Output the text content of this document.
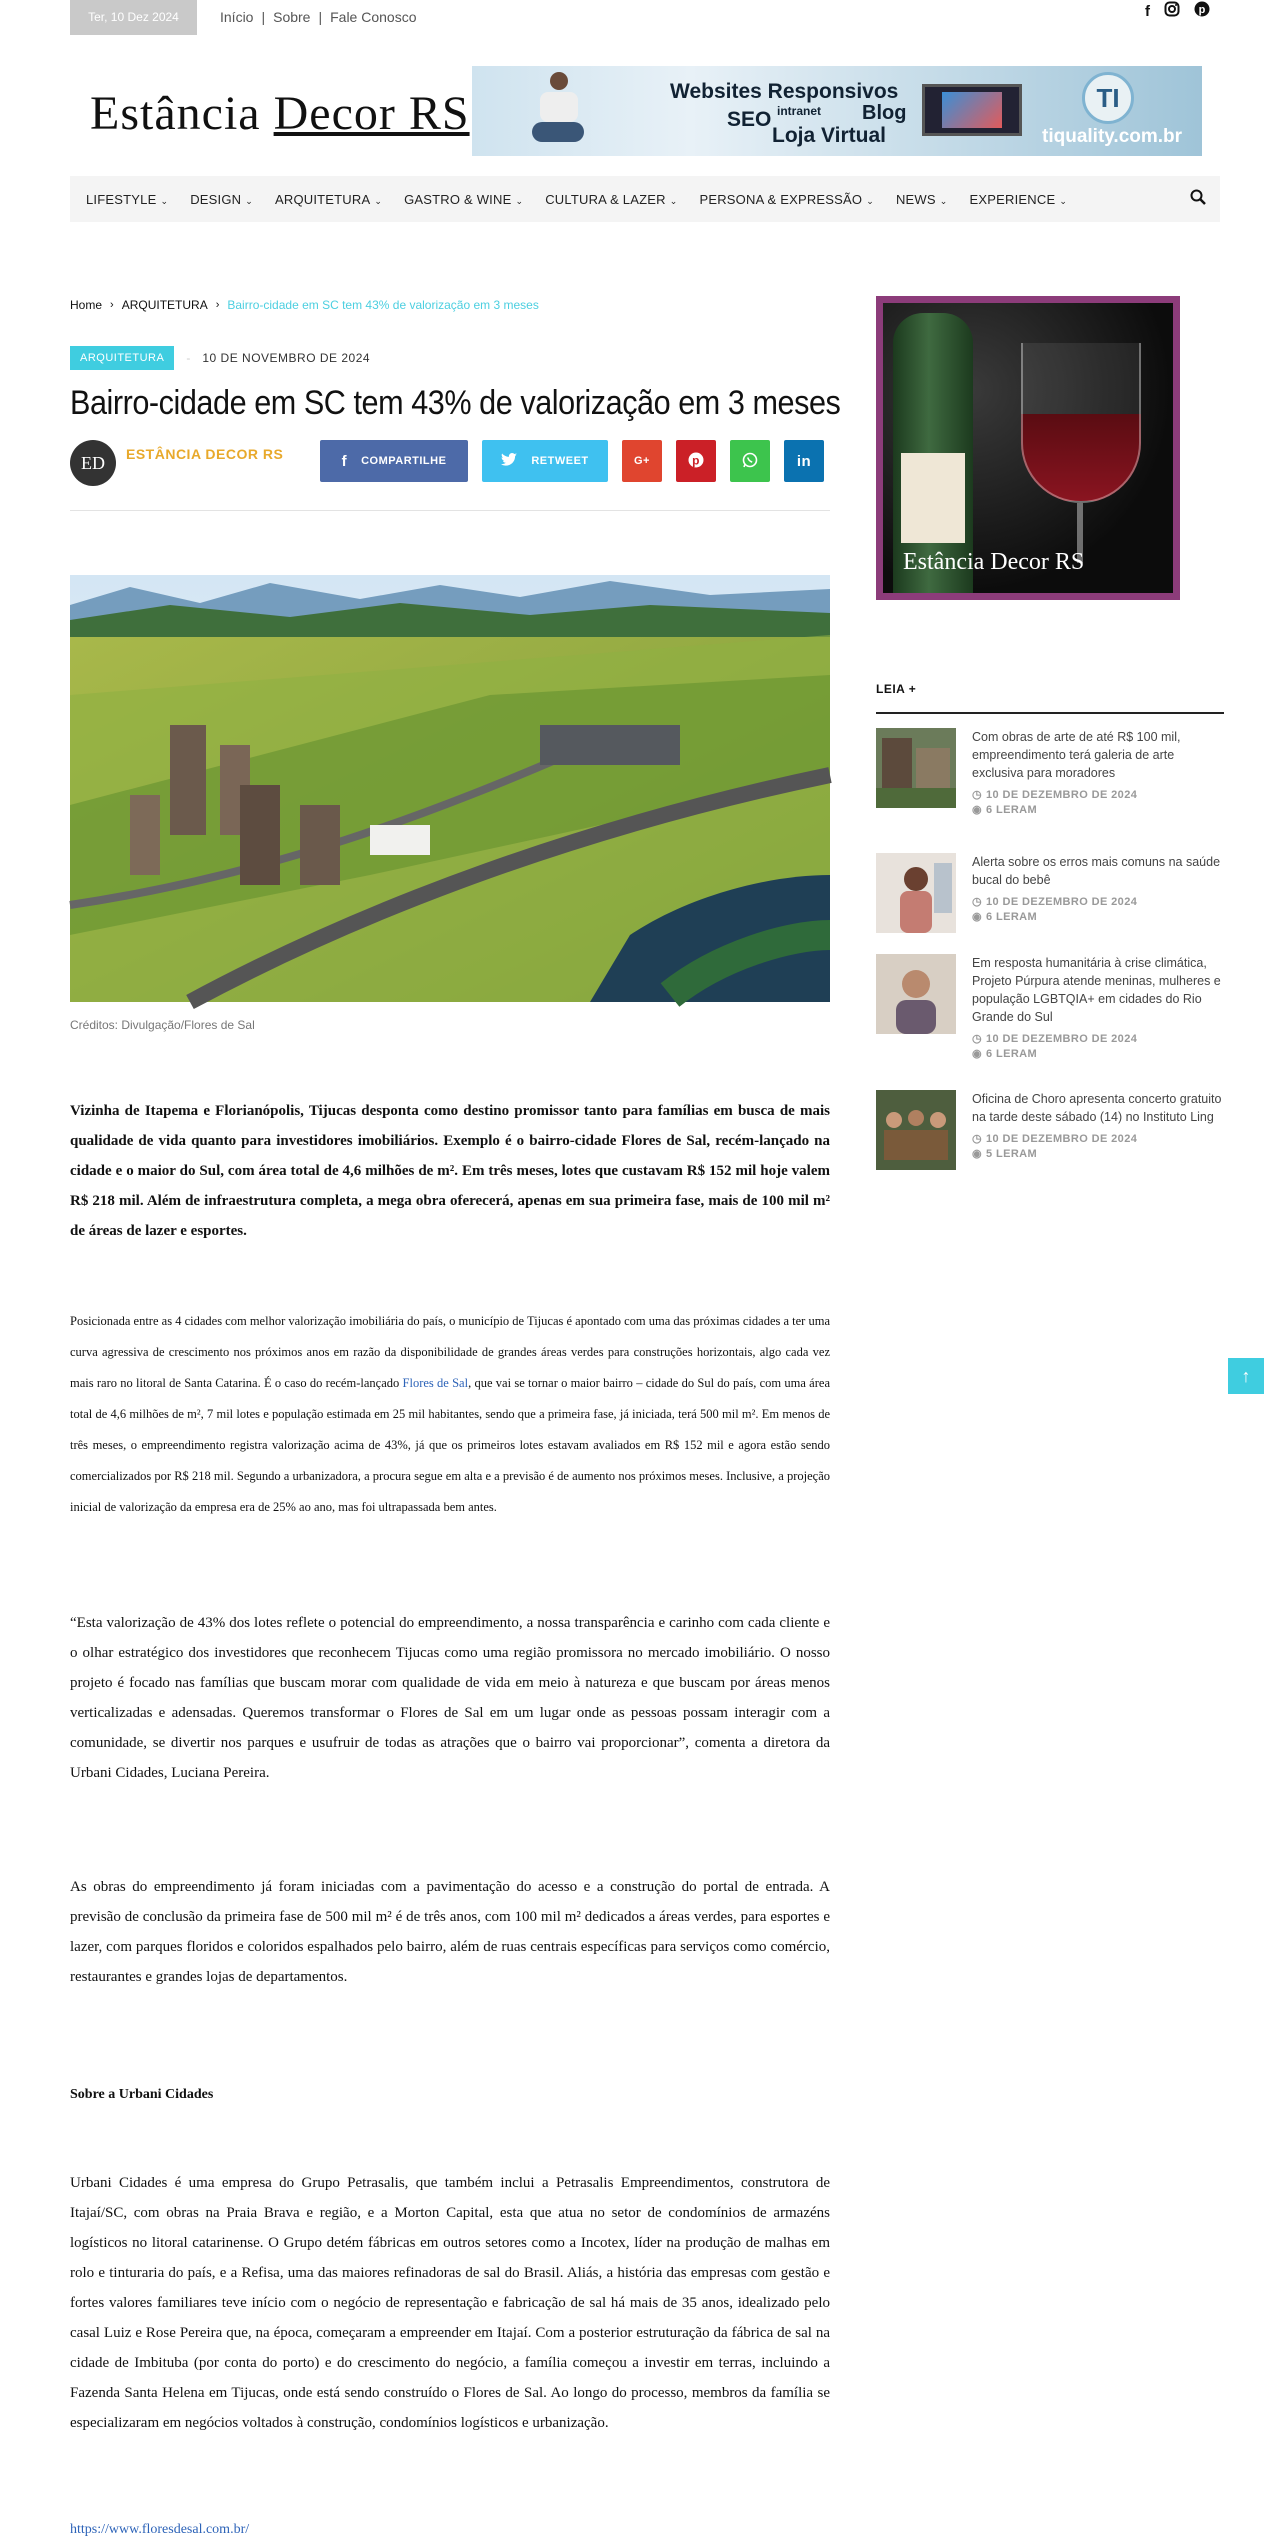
Ter, 10 Dez 2024	Início | Sobre | Fale Conosco	f	p
Estância Decor RS	Websites Responsivos
SEO intranet Blog
Loja Virtual
TI
tiquality.com.br
LIFESTYLE ⌄ DESIGN ⌄ ARQUITETURA ⌄ GASTRO & WINE ⌄ CULTURA & LAZER ⌄ PERSONA & EXPRESSÃO ⌄ NEWS ⌄ EXPERIENCE ⌄
Home › ARQUITETURA › Bairro-cidade em SC tem 43% de valorização em 3 meses
ARQUITETURA	- 10 DE NOVEMBRO DE 2024
Bairro-cidade em SC tem 43% de valorização em 3 meses
ED	ESTÂNCIA DECOR RS	f COMPARTILHE	RETWEET	G+	p	in
Créditos: Divulgação/Flores de Sal

Vizinha de Itapema e Florianópolis, Tijucas desponta como destino promissor tanto para famílias em busca de mais qualidade de vida quanto para investidores imobiliários. Exemplo é o bairro-cidade Flores de Sal, recém-lançado na cidade e o maior do Sul, com área total de 4,6 milhões de m². Em três meses, lotes que custavam R$ 152 mil hoje valem R$ 218 mil. Além de infraestrutura completa, a mega obra oferecerá, apenas em sua primeira fase, mais de 100 mil m² de áreas de lazer e esportes.

Posicionada entre as 4 cidades com melhor valorização imobiliária do país, o município de Tijucas é apontado com uma das próximas cidades a ter uma curva agressiva de crescimento nos próximos anos em razão da disponibilidade de grandes áreas verdes para construções horizontais, algo cada vez mais raro no litoral de Santa Catarina. É o caso do recém-lançado Flores de Sal, que vai se tornar o maior bairro – cidade do Sul do país, com uma área total de 4,6 milhões de m², 7 mil lotes e população estimada em 25 mil habitantes, sendo que a primeira fase, já iniciada, terá 500 mil m². Em menos de três meses, o empreendimento registra valorização acima de 43%, já que os primeiros lotes estavam avaliados em R$ 152 mil e agora estão sendo comercializados por R$ 218 mil. Segundo a urbanizadora, a procura segue em alta e a previsão é de aumento nos próximos meses. Inclusive, a projeção inicial de valorização da empresa era de 25% ao ano, mas foi ultrapassada bem antes.

“Esta valorização de 43% dos lotes reflete o potencial do empreendimento, a nossa transparência e carinho com cada cliente e o olhar estratégico dos investidores que reconhecem Tijucas como uma região promissora no mercado imobiliário. O nosso projeto é focado nas famílias que buscam morar com qualidade de vida em meio à natureza e que buscam por áreas menos verticalizadas e adensadas. Queremos transformar o Flores de Sal em um lugar onde as pessoas possam interagir com a comunidade, se divertir nos parques e usufruir de todas as atrações que o bairro vai proporcionar”, comenta a diretora da Urbani Cidades, Luciana Pereira.

As obras do empreendimento já foram iniciadas com a pavimentação do acesso e a construção do portal de entrada. A previsão de conclusão da primeira fase de 500 mil m² é de três anos, com 100 mil m² dedicados a áreas verdes, para esportes e lazer, com parques floridos e coloridos espalhados pelo bairro, além de ruas centrais específicas para serviços como comércio, restaurantes e grandes lojas de departamentos.

Sobre a Urbani Cidades

Urbani Cidades é uma empresa do Grupo Petrasalis, que também inclui a Petrasalis Empreendimentos, construtora de Itajaí/SC, com obras na Praia Brava e região, e a Morton Capital, esta que atua no setor de condomínios de armazéns logísticos no litoral catarinense. O Grupo detém fábricas em outros setores como a Incotex, líder na produção de malhas em rolo e tinturaria do país, e a Refisa, uma das maiores refinadoras de sal do Brasil. Aliás, a história das empresas com gestão e fortes valores familiares teve início com o negócio de representação e fabricação de sal há mais de 35 anos, idealizado pelo casal Luiz e Rose Pereira que, na época, começaram a empreender em Itajaí. Com a posterior estruturação da fábrica de sal na cidade de Imbituba (por conta do porto) e do crescimento do negócio, a família começou a investir em terras, incluindo a Fazenda Santa Helena em Tijucas, onde está sendo construído o Flores de Sal. Ao longo do processo, membros da família se especializaram em negócios voltados à construção, condomínios logísticos e urbanização.

https://www.floresdesal.com.br/
Estância Decor RS
LEIA +
Com obras de arte de até R$ 100 mil, empreendimento terá galeria de arte exclusiva para moradores
◷ 10 DE DEZEMBRO DE 2024
◉ 6 LERAM
Alerta sobre os erros mais comuns na saúde bucal do bebê
◷ 10 DE DEZEMBRO DE 2024
◉ 6 LERAM
Em resposta humanitária à crise climática, Projeto Púrpura atende meninas, mulheres e população LGBTQIA+ em cidades do Rio Grande do Sul
◷ 10 DE DEZEMBRO DE 2024
◉ 6 LERAM
Oficina de Choro apresenta concerto gratuito na tarde deste sábado (14) no Instituto Ling
◷ 10 DE DEZEMBRO DE 2024
◉ 5 LERAM
↑
